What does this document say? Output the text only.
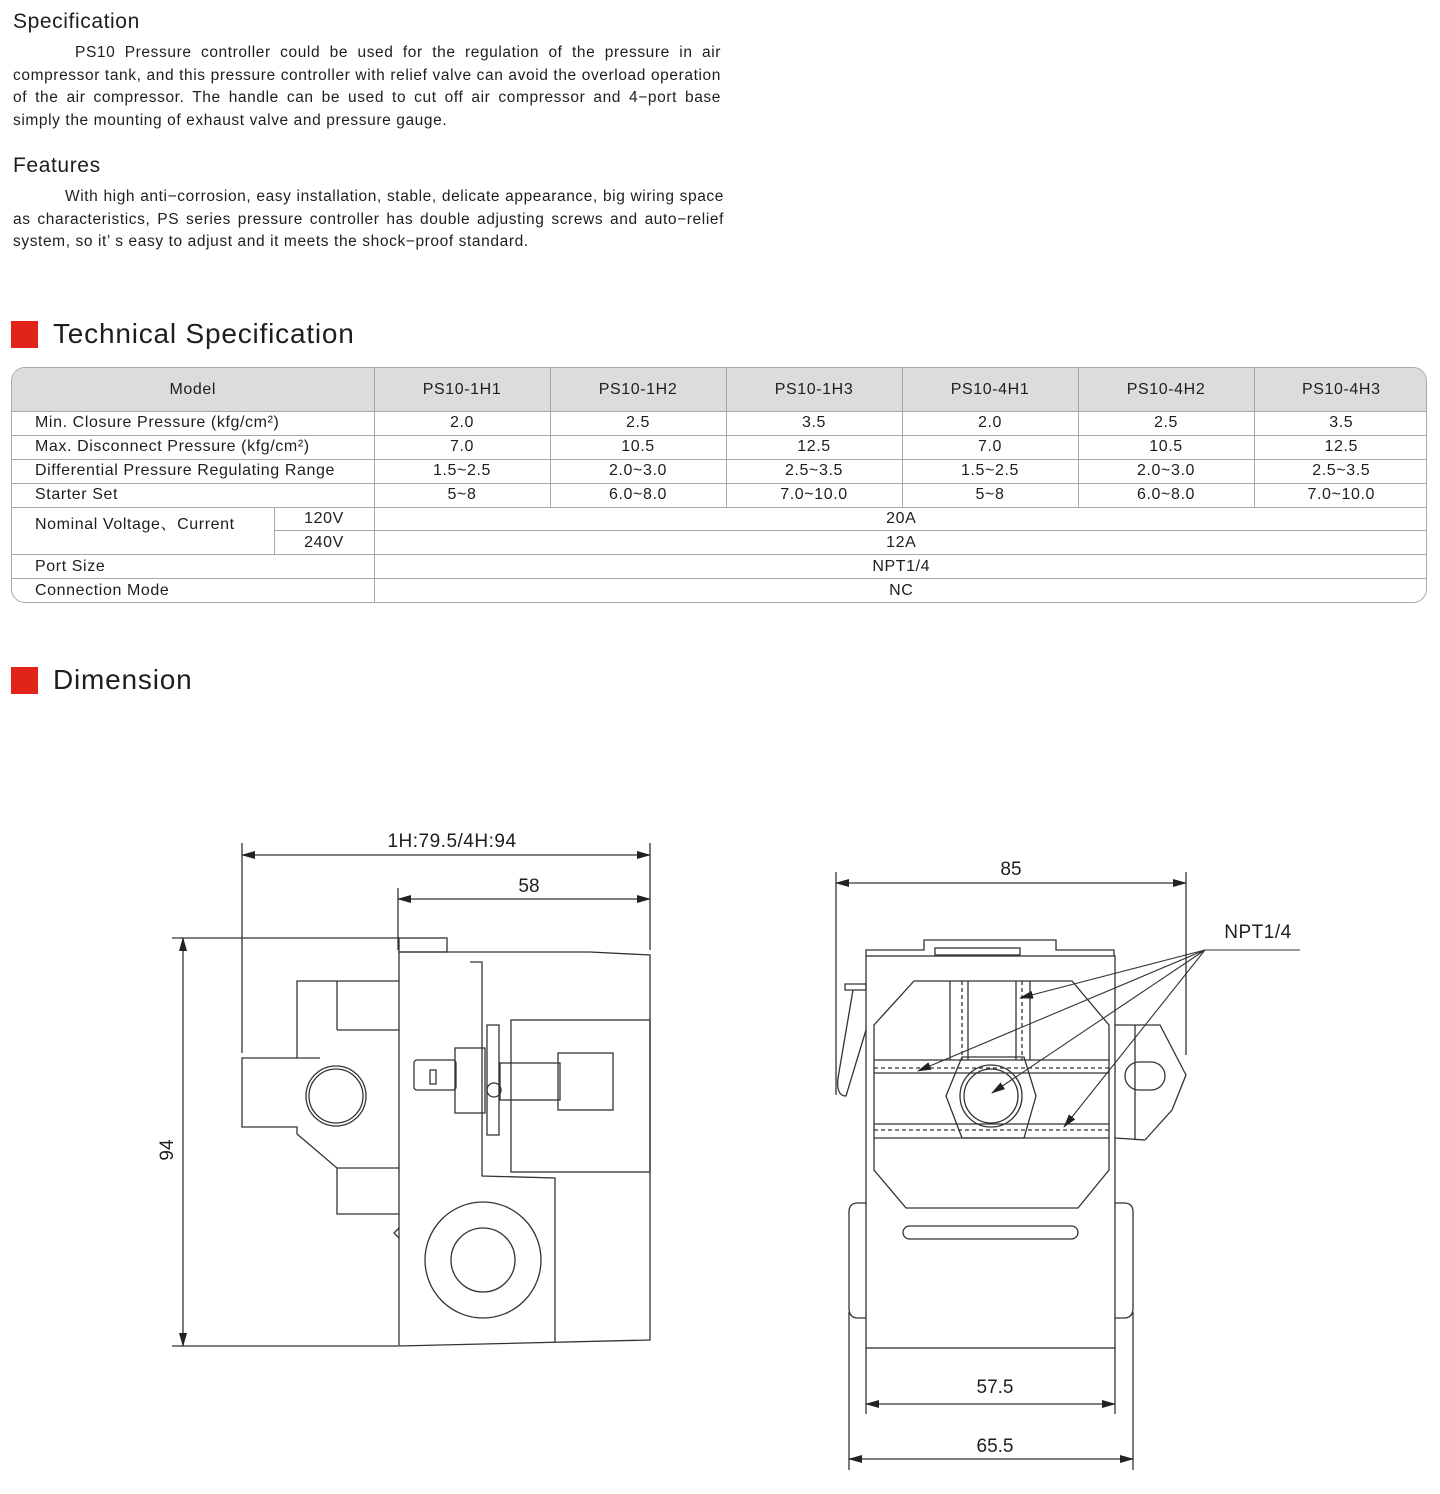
Specification

PS10 Pressure controller could be used for the regulation of the pressure in air compressor tank, and this pressure controller with relief valve can avoid the overload operation of the air compressor. The handle can be used to cut off air compressor and 4−port base simply the mounting of exhaust valve and pressure gauge.

Features

With high anti−corrosion, easy installation, stable, delicate appearance, big wiring space as characteristics, PS series pressure controller has double adjusting screws and auto−relief system, so it’ s easy to adjust and it meets the shock−proof standard.

Technical Specification
Model		PS10-1H1	PS10-1H2	PS10-1H3	PS10-4H1	PS10-4H2	PS10-4H3
Min. Closure Pressure (kfg/cm²)		2.0	2.5	3.5	2.0	2.5	3.5
Max. Disconnect Pressure (kfg/cm²)		7.0	10.5	12.5	7.0	10.5	12.5
Differential Pressure Regulating Range		1.5~2.5	2.0~3.0	2.5~3.5	1.5~2.5	2.0~3.0	2.5~3.5
Starter Set		5~8	6.0~8.0	7.0~10.0	5~8	6.0~8.0	7.0~10.0
Nominal Voltage、Current	120V	20A					
	240V	12A					
Port Size		NPT1/4					
Connection Mode		NC					
Dimension
1H:79.5/4H:94
58
94
85
NPT1/4
57.5
65.5
